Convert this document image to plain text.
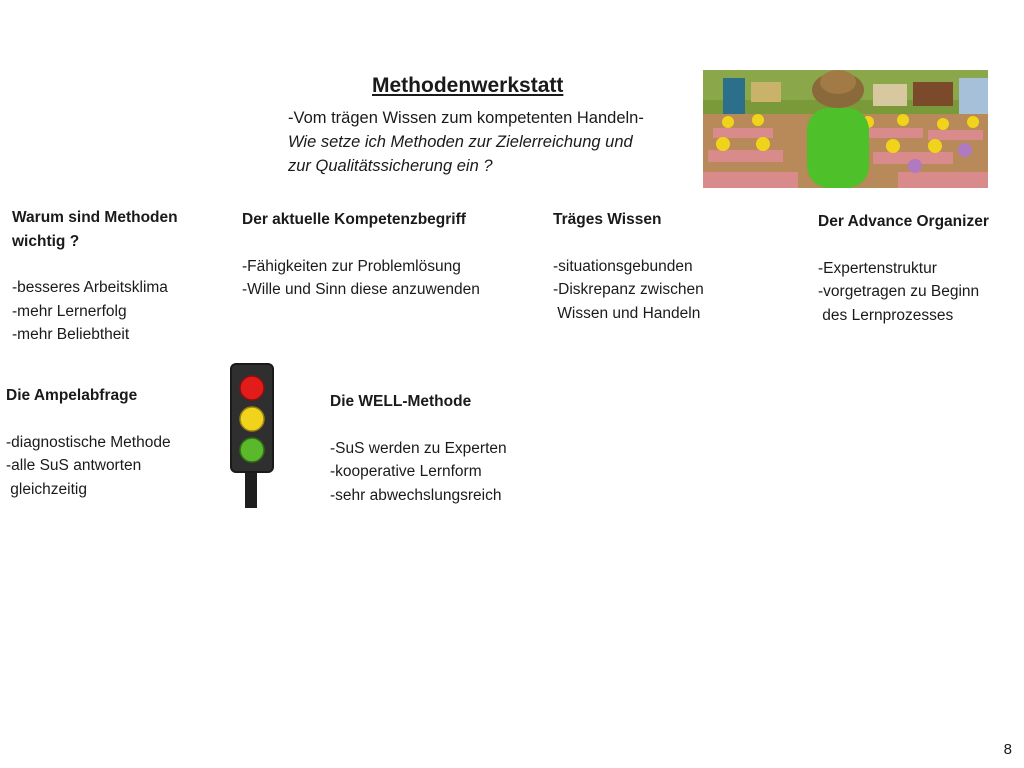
Methodenwerkstatt
-Vom trägen Wissen zum kompetenten Handeln-
Wie setze ich Methoden zur Zielerreichung und
zur Qualitätssicherung ein ?
Warum sind Methoden
wichtig ?
-besseres Arbeitsklima
-mehr Lernerfolg
-mehr Beliebtheit
Der aktuelle Kompetenzbegriff
-Fähigkeiten zur Problemlösung
-Wille und Sinn diese anzuwenden
Träges Wissen
-situationsgebunden
-Diskrepanz zwischen
Wissen und Handeln
Der Advance Organizer
-Expertenstruktur
-vorgetragen zu Beginn
des Lernprozesses
Die Ampelabfrage
-diagnostische Methode
-alle SuS antworten
gleichzeitig
Die WELL-Methode
-SuS werden zu Experten
-kooperative Lernform
-sehr abwechslungsreich
8
